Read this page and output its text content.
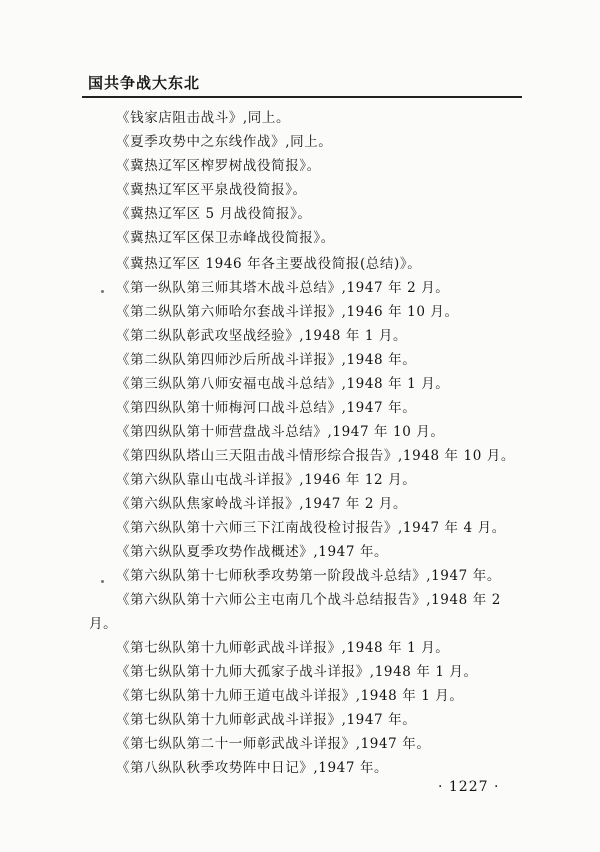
国共争战大东北
《钱家店阻击战斗》,同上。
《夏季攻势中之东线作战》,同上。
《冀热辽军区榨罗树战役简报》。
《冀热辽军区平泉战役简报》。
《冀热辽军区 5 月战役简报》。
《冀热辽军区保卫赤峰战役简报》。
《冀热辽军区 1946 年各主要战役简报(总结)》。
《第一纵队第三师其塔木战斗总结》,1947 年 2 月。
《第二纵队第六师哈尔套战斗详报》,1946 年 10 月。
《第二纵队彰武攻坚战经验》,1948 年 1 月。
《第二纵队第四师沙后所战斗详报》,1948 年。
《第三纵队第八师安福屯战斗总结》,1948 年 1 月。
《第四纵队第十师梅河口战斗总结》,1947 年。
《第四纵队第十师营盘战斗总结》,1947 年 10 月。
《第四纵队塔山三天阻击战斗情形综合报告》,1948 年 10 月。
《第六纵队靠山屯战斗详报》,1946 年 12 月。
《第六纵队焦家岭战斗详报》,1947 年 2 月。
《第六纵队第十六师三下江南战役检讨报告》,1947 年 4 月。
《第六纵队夏季攻势作战概述》,1947 年。
《第六纵队第十七师秋季攻势第一阶段战斗总结》,1947 年。
《第六纵队第十六师公主屯南几个战斗总结报告》,1948 年 2
月。
《第七纵队第十九师彰武战斗详报》,1948 年 1 月。
《第七纵队第十九师大孤家子战斗详报》,1948 年 1 月。
《第七纵队第十九师王道屯战斗详报》,1948 年 1 月。
《第七纵队第十九师彰武战斗详报》,1947 年。
《第七纵队第二十一师彰武战斗详报》,1947 年。
《第八纵队秋季攻势阵中日记》,1947 年。
· 1227 ·
